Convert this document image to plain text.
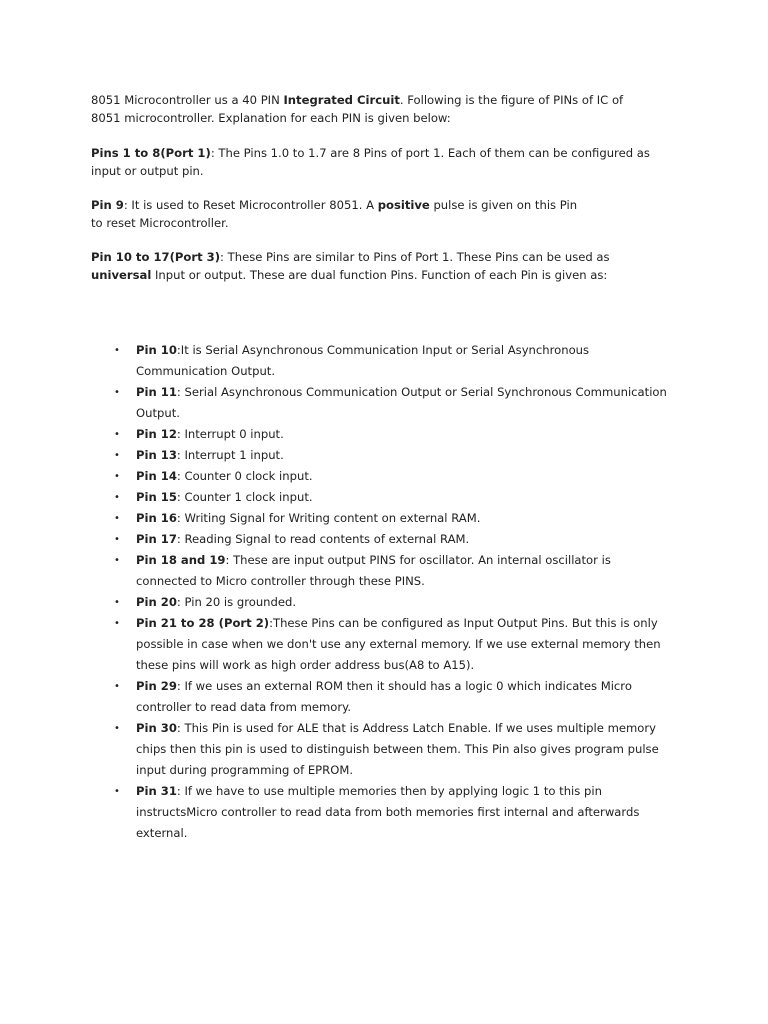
8051 Microcontroller us a 40 PIN Integrated Circuit. Following is the figure of PINs of IC of 8051 microcontroller. Explanation for each PIN is given below:

Pins 1 to 8(Port 1): The Pins 1.0 to 1.7 are 8 Pins of port 1. Each of them can be configured as input or output pin.

Pin 9: It is used to Reset Microcontroller 8051. A positive pulse is given on this Pin to reset Microcontroller.

Pin 10 to 17(Port 3): These Pins are similar to Pins of Port 1. These Pins can be used as universal Input or output. These are dual function Pins. Function of each Pin is given as:

• Pin 10:It is Serial Asynchronous Communication Input or Serial Asynchronous Communication Output.
• Pin 11: Serial Asynchronous Communication Output or Serial Synchronous Communication Output.
• Pin 12: Interrupt 0 input.
• Pin 13: Interrupt 1 input.
• Pin 14: Counter 0 clock input.
• Pin 15: Counter 1 clock input.
• Pin 16: Writing Signal for Writing content on external RAM.
• Pin 17: Reading Signal to read contents of external RAM.
• Pin 18 and 19: These are input output PINS for oscillator. An internal oscillator is connected to Micro controller through these PINS.
• Pin 20: Pin 20 is grounded.
• Pin 21 to 28 (Port 2):These Pins can be configured as Input Output Pins. But this is only possible in case when we don't use any external memory. If we use external memory then these pins will work as high order address bus(A8 to A15).
• Pin 29: If we uses an external ROM then it should has a logic 0 which indicates Micro controller to read data from memory.
• Pin 30: This Pin is used for ALE that is Address Latch Enable. If we uses multiple memory chips then this pin is used to distinguish between them. This Pin also gives program pulse input during programming of EPROM.
• Pin 31: If we have to use multiple memories then by applying logic 1 to this pin instructsMicro controller to read data from both memories first internal and afterwards external.
